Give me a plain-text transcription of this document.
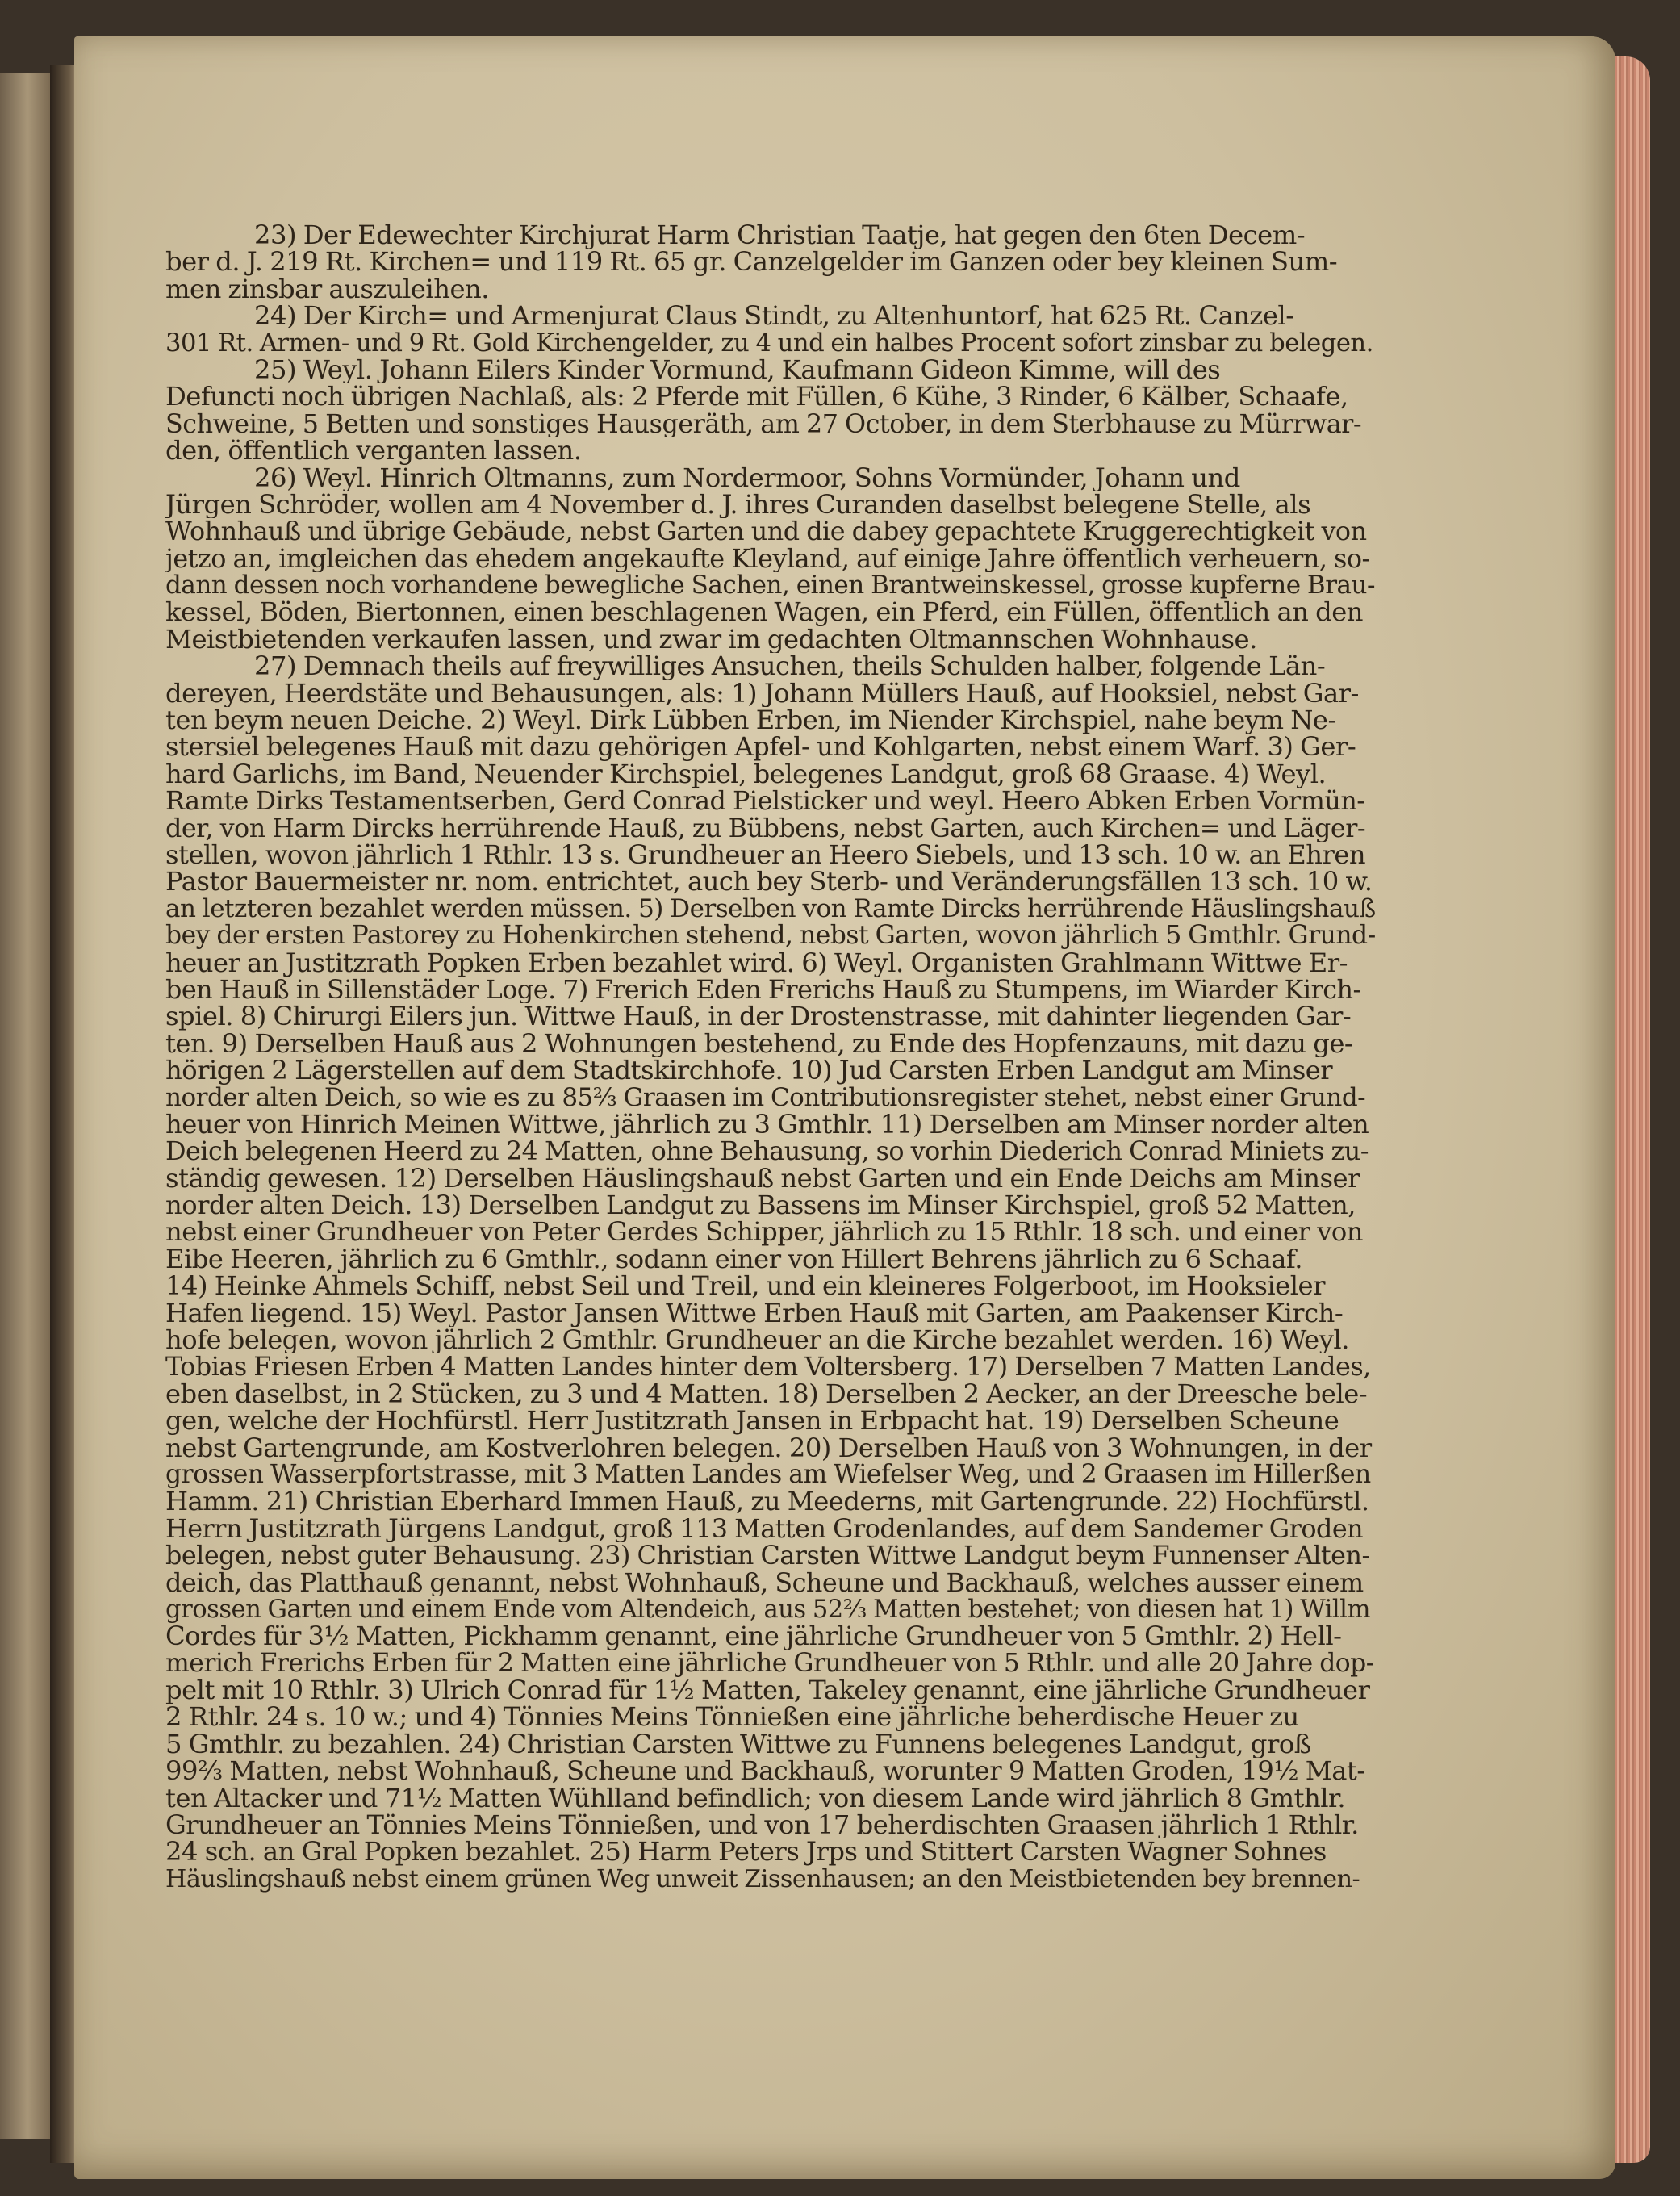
23) Der Edewechter Kirchjurat Harm Christian Taatje, hat gegen den 6ten Decem-
ber d. J. 219 Rt. Kirchen= und 119 Rt. 65 gr. Canzelgelder im Ganzen oder bey kleinen Sum-
men zinsbar auszuleihen.
24) Der Kirch= und Armenjurat Claus Stindt, zu Altenhuntorf, hat 625 Rt. Canzel-
301 Rt. Armen- und 9 Rt. Gold Kirchengelder, zu 4 und ein halbes Procent sofort zinsbar zu belegen.
25) Weyl. Johann Eilers Kinder Vormund, Kaufmann Gideon Kimme, will des
Defuncti noch übrigen Nachlaß, als: 2 Pferde mit Füllen, 6 Kühe, 3 Rinder, 6 Kälber, Schaafe,
Schweine, 5 Betten und sonstiges Hausgeräth, am 27 October, in dem Sterbhause zu Mürrwar-
den, öffentlich verganten lassen.
26) Weyl. Hinrich Oltmanns, zum Nordermoor, Sohns Vormünder, Johann und
Jürgen Schröder, wollen am 4 November d. J. ihres Curanden daselbst belegene Stelle, als
Wohnhauß und übrige Gebäude, nebst Garten und die dabey gepachtete Kruggerechtigkeit von
jetzo an, imgleichen das ehedem angekaufte Kleyland, auf einige Jahre öffentlich verheuern, so-
dann dessen noch vorhandene bewegliche Sachen, einen Brantweinskessel, grosse kupferne Brau-
kessel, Böden, Biertonnen, einen beschlagenen Wagen, ein Pferd, ein Füllen, öffentlich an den
Meistbietenden verkaufen lassen, und zwar im gedachten Oltmannschen Wohnhause.
27) Demnach theils auf freywilliges Ansuchen, theils Schulden halber, folgende Län-
dereyen, Heerdstäte und Behausungen, als: 1) Johann Müllers Hauß, auf Hooksiel, nebst Gar-
ten beym neuen Deiche. 2) Weyl. Dirk Lübben Erben, im Niender Kirchspiel, nahe beym Ne-
stersiel belegenes Hauß mit dazu gehörigen Apfel- und Kohlgarten, nebst einem Warf. 3) Ger-
hard Garlichs, im Band, Neuender Kirchspiel, belegenes Landgut, groß 68 Graase. 4) Weyl.
Ramte Dirks Testamentserben, Gerd Conrad Pielsticker und weyl. Heero Abken Erben Vormün-
der, von Harm Dircks herrührende Hauß, zu Bübbens, nebst Garten, auch Kirchen= und Läger-
stellen, wovon jährlich 1 Rthlr. 13 s. Grundheuer an Heero Siebels, und 13 sch. 10 w. an Ehren
Pastor Bauermeister nr. nom. entrichtet, auch bey Sterb- und Veränderungsfällen 13 sch. 10 w.
an letzteren bezahlet werden müssen. 5) Derselben von Ramte Dircks herrührende Häuslingshauß
bey der ersten Pastorey zu Hohenkirchen stehend, nebst Garten, wovon jährlich 5 Gmthlr. Grund-
heuer an Justitzrath Popken Erben bezahlet wird. 6) Weyl. Organisten Grahlmann Wittwe Er-
ben Hauß in Sillenstäder Loge. 7) Frerich Eden Frerichs Hauß zu Stumpens, im Wiarder Kirch-
spiel. 8) Chirurgi Eilers jun. Wittwe Hauß, in der Drostenstrasse, mit dahinter liegenden Gar-
ten. 9) Derselben Hauß aus 2 Wohnungen bestehend, zu Ende des Hopfenzauns, mit dazu ge-
hörigen 2 Lägerstellen auf dem Stadtskirchhofe. 10) Jud Carsten Erben Landgut am Minser
norder alten Deich, so wie es zu 85⅔ Graasen im Contributionsregister stehet, nebst einer Grund-
heuer von Hinrich Meinen Wittwe, jährlich zu 3 Gmthlr. 11) Derselben am Minser norder alten
Deich belegenen Heerd zu 24 Matten, ohne Behausung, so vorhin Diederich Conrad Miniets zu-
ständig gewesen. 12) Derselben Häuslingshauß nebst Garten und ein Ende Deichs am Minser
norder alten Deich. 13) Derselben Landgut zu Bassens im Minser Kirchspiel, groß 52 Matten,
nebst einer Grundheuer von Peter Gerdes Schipper, jährlich zu 15 Rthlr. 18 sch. und einer von
Eibe Heeren, jährlich zu 6 Gmthlr., sodann einer von Hillert Behrens jährlich zu 6 Schaaf.
14) Heinke Ahmels Schiff, nebst Seil und Treil, und ein kleineres Folgerboot, im Hooksieler
Hafen liegend. 15) Weyl. Pastor Jansen Wittwe Erben Hauß mit Garten, am Paakenser Kirch-
hofe belegen, wovon jährlich 2 Gmthlr. Grundheuer an die Kirche bezahlet werden. 16) Weyl.
Tobias Friesen Erben 4 Matten Landes hinter dem Voltersberg. 17) Derselben 7 Matten Landes,
eben daselbst, in 2 Stücken, zu 3 und 4 Matten. 18) Derselben 2 Aecker, an der Dreesche bele-
gen, welche der Hochfürstl. Herr Justitzrath Jansen in Erbpacht hat. 19) Derselben Scheune
nebst Gartengrunde, am Kostverlohren belegen. 20) Derselben Hauß von 3 Wohnungen, in der
grossen Wasserpfortstrasse, mit 3 Matten Landes am Wiefelser Weg, und 2 Graasen im Hillerßen
Hamm. 21) Christian Eberhard Immen Hauß, zu Meederns, mit Gartengrunde. 22) Hochfürstl.
Herrn Justitzrath Jürgens Landgut, groß 113 Matten Grodenlandes, auf dem Sandemer Groden
belegen, nebst guter Behausung. 23) Christian Carsten Wittwe Landgut beym Funnenser Alten-
deich, das Platthauß genannt, nebst Wohnhauß, Scheune und Backhauß, welches ausser einem
grossen Garten und einem Ende vom Altendeich, aus 52⅔ Matten bestehet; von diesen hat 1) Willm
Cordes für 3½ Matten, Pickhamm genannt, eine jährliche Grundheuer von 5 Gmthlr. 2) Hell-
merich Frerichs Erben für 2 Matten eine jährliche Grundheuer von 5 Rthlr. und alle 20 Jahre dop-
pelt mit 10 Rthlr. 3) Ulrich Conrad für 1½ Matten, Takeley genannt, eine jährliche Grundheuer
2 Rthlr. 24 s. 10 w.; und 4) Tönnies Meins Tönnießen eine jährliche beherdische Heuer zu
5 Gmthlr. zu bezahlen. 24) Christian Carsten Wittwe zu Funnens belegenes Landgut, groß
99⅔ Matten, nebst Wohnhauß, Scheune und Backhauß, worunter 9 Matten Groden, 19½ Mat-
ten Altacker und 71½ Matten Wühlland befindlich; von diesem Lande wird jährlich 8 Gmthlr.
Grundheuer an Tönnies Meins Tönnießen, und von 17 beherdischten Graasen jährlich 1 Rthlr.
24 sch. an Gral Popken bezahlet. 25) Harm Peters Jrps und Stittert Carsten Wagner Sohnes
Häuslingshauß nebst einem grünen Weg unweit Zissenhausen; an den Meistbietenden bey brennen-
